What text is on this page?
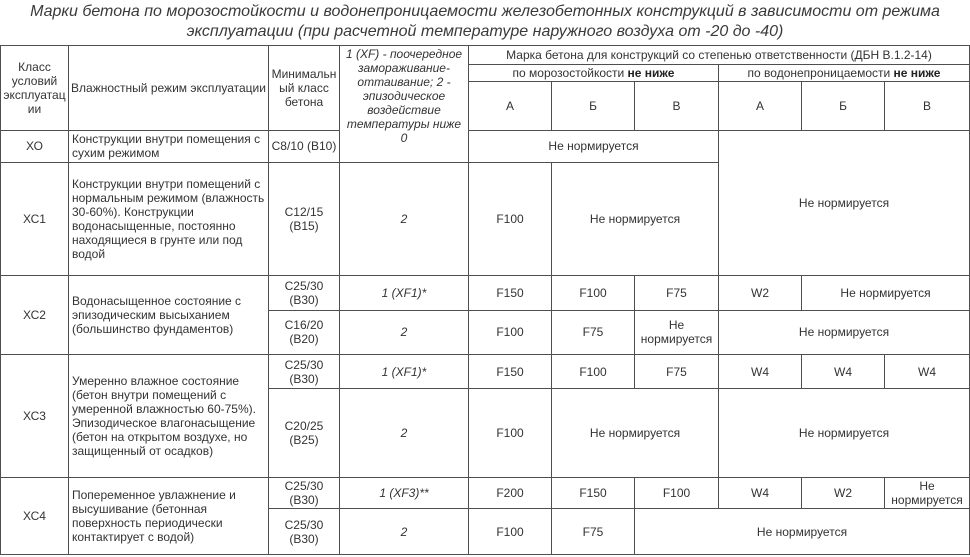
Марки бетона по морозостойкости и водонепроницаемости железобетонных конструкций в зависимости от режима
эксплуатации (при расчетной температуре наружного воздуха от -20 до -40)
Класс условий эксплуатации	Влажностный режим эксплуатации	Минимальный класс бетона	1 (XF) - поочередное замораживание-оттаивание; 2 - эпизодическое воздействие температуры ниже 0	Марка бетона для конструкций со степенью ответственности (ДБН В.1.2-14)					
				по морозостойкости не ниже			по водонепроницаемости не ниже		
				А	Б	В	А	Б	В
ХО	Конструкции внутри помещения с сухим режимом	С8/10 (В10)		Не нормируется			Не нормируется		

ХС1	Конструкции внутри помещений с нормальным режимом (влажность 30-60%). Конструкции водонасыщенные, постоянно находящиеся в грунте или под водой	С12/15 (В15)	2	F100	Не нормируется				
ХС2	Водонасыщенное состояние с эпизодическим высыханием (большинство фундаментов)	С25/30 (В30)	1 (XF1)*	F150	F100	F75	W2	Не нормируется	
		С16/20 (В20)	2	F100	F75	Не нормируется	Не нормируется		
ХС3	Умеренно влажное состояние (бетон внутри помещений с умеренной влажностью 60-75%). Эпизодическое влагонасыщение (бетон на открытом воздухе, но защищенный от осадков)	С25/30 (В30)	1 (XF1)*	F150	F100	F75	W4	W4	W4
		С20/25 (В25)	2	F100	Не нормируется		Не нормируется		
ХС4	Попеременное увлажнение и высушивание (бетонная поверхность периодически контактирует с водой)	С25/30 (В30)	1 (XF3)**	F200	F150	F100	W4	W2	Не нормируется
		С25/30 (В30)	2	F100	F75	Не нормируется			
